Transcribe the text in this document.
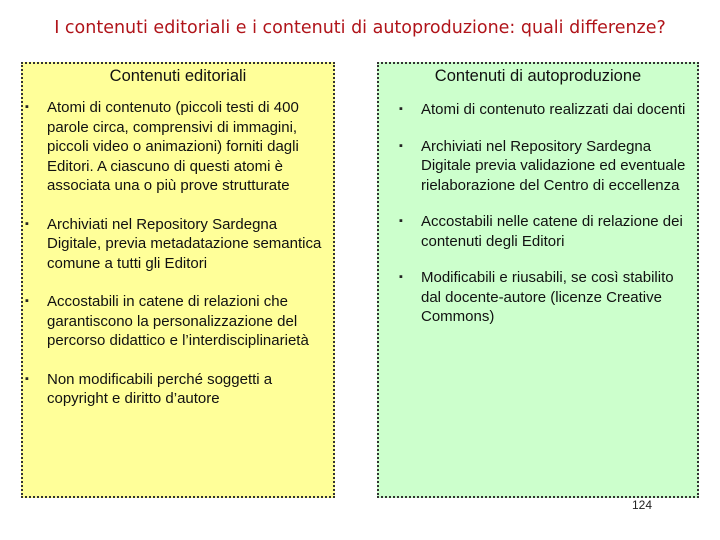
I contenuti editoriali e i contenuti di autoproduzione: quali differenze?
Contenuti editoriali
▪ Atomi di contenuto (piccoli testi di 400 parole circa, comprensivi di immagini, piccoli video o animazioni) forniti dagli Editori. A ciascuno di questi atomi è associata una o più prove strutturate
▪ Archiviati nel Repository Sardegna Digitale, previa metadatazione semantica comune a tutti gli Editori
▪ Accostabili in catene di relazioni che garantiscono la personalizzazione del percorso didattico e l’interdisciplinarietà
▪ Non modificabili perché soggetti a copyright e diritto d’autore
Contenuti di autoproduzione
▪ Atomi di contenuto realizzati dai docenti
▪ Archiviati nel Repository Sardegna Digitale previa validazione ed eventuale rielaborazione del Centro di eccellenza
▪ Accostabili nelle catene di relazione dei contenuti degli Editori
▪ Modificabili e riusabili, se così stabilito dal docente-autore (licenze Creative Commons)
124
